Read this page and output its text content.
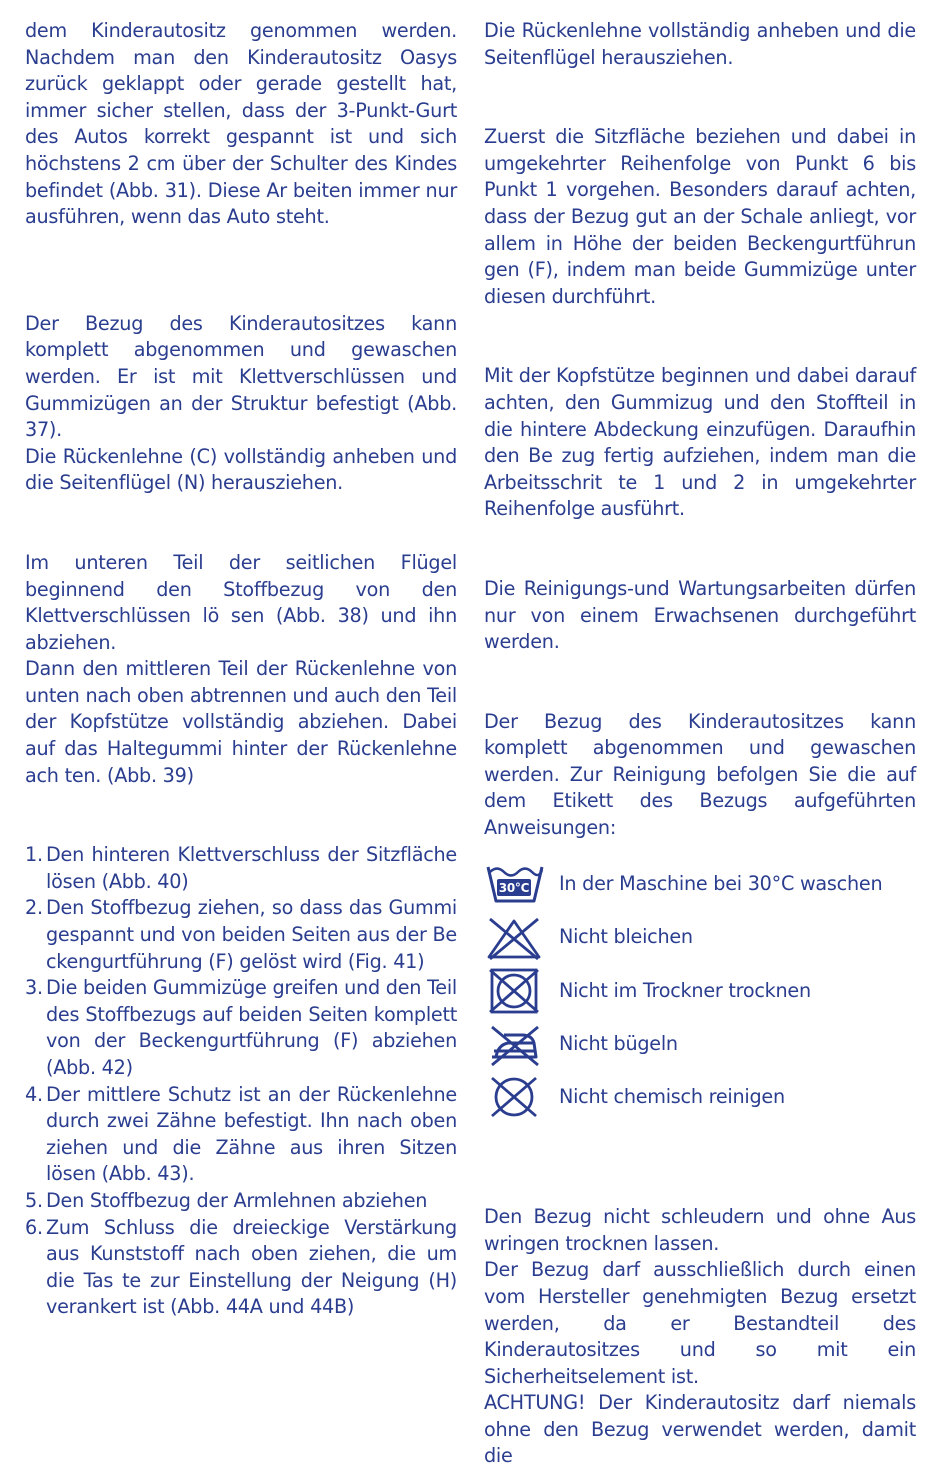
dem Kinderautositz genommen werden. Nachdem man den Kinderautositz Oasys zurück geklappt oder gerade gestellt hat, immer sicher stellen, dass der 3-Punkt-Gurt des Autos korrekt gespannt ist und sich höchstens 2 cm über der Schulter des Kindes befindet (Abb. 31). Diese Ar beiten immer nur ausführen, wenn das Auto steht.

Der Bezug des Kinderautositzes kann komplett abgenommen und gewaschen werden. Er ist mit Klettverschlüssen und Gummizügen an der Struktur befestigt (Abb. 37).

Die Rückenlehne (C) vollständig anheben und die Seitenflügel (N) herausziehen.

Im unteren Teil der seitlichen Flügel beginnend den Stoffbezug von den Klettverschlüssen lö sen (Abb. 38) und ihn abziehen.

Dann den mittleren Teil der Rückenlehne von unten nach oben abtrennen und auch den Teil der Kopfstütze vollständig abziehen. Dabei auf das Haltegummi hinter der Rückenlehne ach ten. (Abb. 39)

1. Den hinteren Klettverschluss der Sitzfläche lösen (Abb. 40)
2. Den Stoffbezug ziehen, so dass das Gummi gespannt und von beiden Seiten aus der Be ckengurtführung (F) gelöst wird (Fig. 41)
3. Die beiden Gummizüge greifen und den Teil des Stoffbezugs auf beiden Seiten komplett von der Beckengurtführung (F) abziehen (Abb. 42)
4. Der mittlere Schutz ist an der Rückenlehne durch zwei Zähne befestigt. Ihn nach oben ziehen und die Zähne aus ihren Sitzen lösen (Abb. 43).
5. Den Stoffbezug der Armlehnen abziehen
6. Zum Schluss die dreieckige Verstärkung aus Kunststoff nach oben ziehen, die um die Tas te zur Einstellung der Neigung (H) verankert ist (Abb. 44A und 44B)

Die Rückenlehne vollständig anheben und die Seitenflügel herausziehen.

Zuerst die Sitzfläche beziehen und dabei in umgekehrter Reihenfolge von Punkt 6 bis Punkt 1 vorgehen. Besonders darauf achten, dass der Bezug gut an der Schale anliegt, vor allem in Höhe der beiden Beckengurtführun gen (F), indem man beide Gummizüge unter diesen durchführt.

Mit der Kopfstütze beginnen und dabei darauf achten, den Gummizug und den Stoffteil in die hintere Abdeckung einzufügen. Daraufhin den Be zug fertig aufziehen, indem man die Arbeitsschrit te 1 und 2 in umgekehrter Reihenfolge ausführt.

Die Reinigungs-und Wartungsarbeiten dürfen nur von einem Erwachsenen durchgeführt werden.

Der Bezug des Kinderautositzes kann komplett abgenommen und gewaschen werden. Zur Reinigung befolgen Sie die auf dem Etikett des Bezugs aufgeführten Anweisungen:

30°C In der Maschine bei 30°C waschen
Nicht bleichen
Nicht im Trockner trocknen
Nicht bügeln
Nicht chemisch reinigen

Den Bezug nicht schleudern und ohne Aus wringen trocknen lassen.

Der Bezug darf ausschließlich durch einen vom Hersteller genehmigten Bezug ersetzt werden, da er Bestandteil des Kinderautositzes und so mit ein Sicherheitselement ist.

ACHTUNG! Der Kinderautositz darf niemals ohne den Bezug verwendet werden, damit die
